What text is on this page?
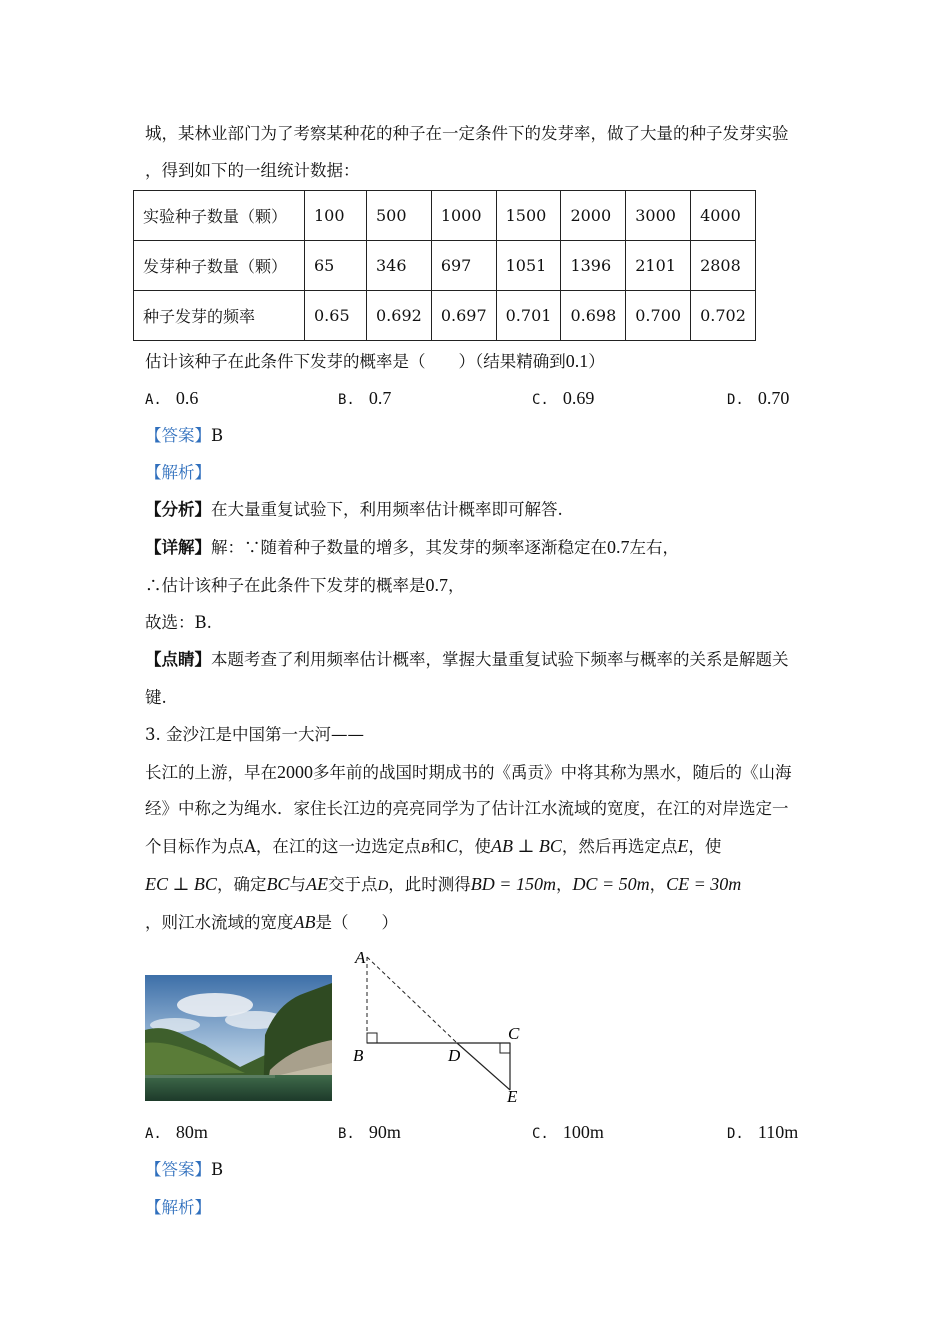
城，某林业部门为了考察某种花的种子在一定条件下的发芽率，做了大量的种子发芽实验
，得到如下的一组统计数据：
实验种子数量（颗）	100	500	1000	1500	2000	3000	4000
发芽种子数量（颗）	65	346	697	1051	1396	2101	2808
种子发芽的频率	0.65	0.692	0.697	0.701	0.698	0.700	0.702
估计该种子在此条件下发芽的概率是（　　）（结果精确到0.1）
A. 0.6	B. 0.7	C. 0.69	D. 0.70
【答案】B
【解析】
【分析】在大量重复试验下，利用频率估计概率即可解答.
【详解】解：∵随着种子数量的增多，其发芽的频率逐渐稳定在0.7左右，
∴估计该种子在此条件下发芽的概率是0.7，
故选：B.
【点睛】本题考查了利用频率估计概率，掌握大量重复试验下频率与概率的关系是解题关
键.
3. 金沙江是中国第一大河——
长江的上游，早在2000多年前的战国时期成书的《禹贡》中将其称为黑水，随后的《山海
经》中称之为绳水．家住长江边的亮亮同学为了估计江水流域的宽度，在江的对岸选定一
个目标作为点A，在江的这一边选定点B和C，使AB ⊥ BC，然后再选定点E，使
EC ⊥ BC，确定BC与AE交于点D，此时测得BD = 150m，DC = 50m，CE = 30m
，则江水流域的宽度AB是（　　）
A
B
C
D
E
A. 80m	B. 90m	C. 100m	D. 110m
【答案】B
【解析】
